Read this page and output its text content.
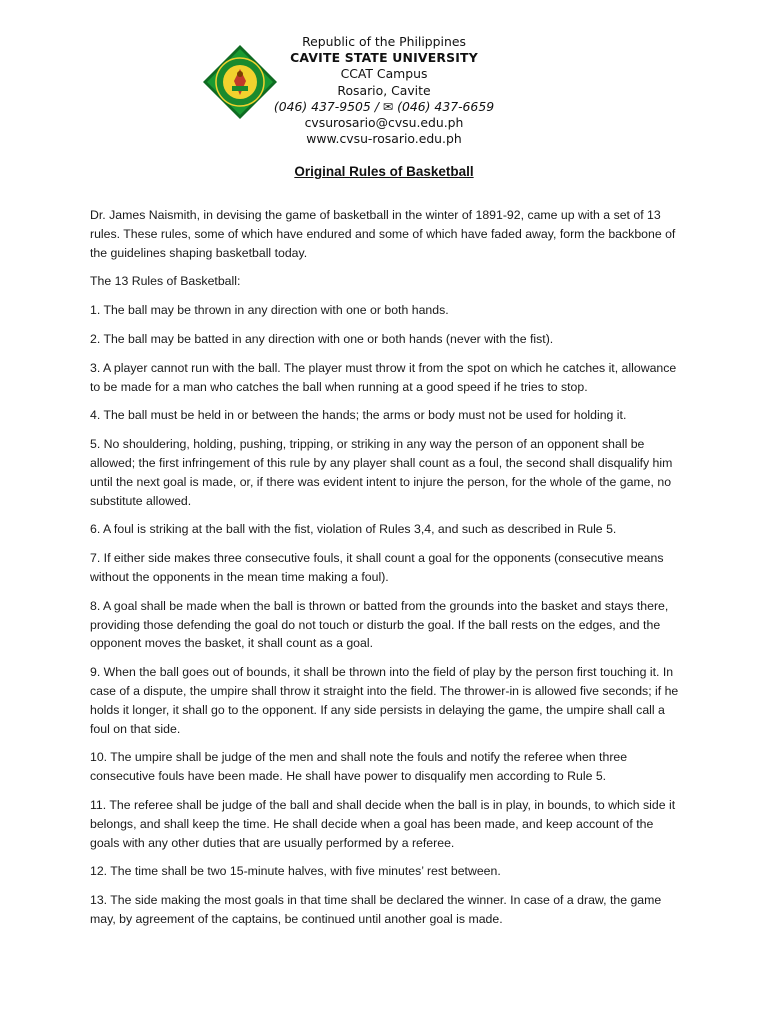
Republic of the Philippines
CAVITE STATE UNIVERSITY
CCAT Campus
Rosario, Cavite
(046) 437-9505 / ✉ (046) 437-6659
cvsurosario@cvsu.edu.ph
www.cvsu-rosario.edu.ph
Original Rules of Basketball

Dr. James Naismith, in devising the game of basketball in the winter of 1891-92, came up with a set of 13 rules. These rules, some of which have endured and some of which have faded away, form the backbone of the guidelines shaping basketball today.

The 13 Rules of Basketball:

1. The ball may be thrown in any direction with one or both hands.

2. The ball may be batted in any direction with one or both hands (never with the fist).

3. A player cannot run with the ball. The player must throw it from the spot on which he catches it, allowance to be made for a man who catches the ball when running at a good speed if he tries to stop.

4. The ball must be held in or between the hands; the arms or body must not be used for holding it.

5. No shouldering, holding, pushing, tripping, or striking in any way the person of an opponent shall be allowed; the first infringement of this rule by any player shall count as a foul, the second shall disqualify him until the next goal is made, or, if there was evident intent to injure the person, for the whole of the game, no substitute allowed.

6. A foul is striking at the ball with the fist, violation of Rules 3,4, and such as described in Rule 5.

7. If either side makes three consecutive fouls, it shall count a goal for the opponents (consecutive means without the opponents in the mean time making a foul).

8. A goal shall be made when the ball is thrown or batted from the grounds into the basket and stays there, providing those defending the goal do not touch or disturb the goal. If the ball rests on the edges, and the opponent moves the basket, it shall count as a goal.

9. When the ball goes out of bounds, it shall be thrown into the field of play by the person first touching it. In case of a dispute, the umpire shall throw it straight into the field. The thrower-in is allowed five seconds; if he holds it longer, it shall go to the opponent. If any side persists in delaying the game, the umpire shall call a foul on that side.

10. The umpire shall be judge of the men and shall note the fouls and notify the referee when three consecutive fouls have been made. He shall have power to disqualify men according to Rule 5.

11. The referee shall be judge of the ball and shall decide when the ball is in play, in bounds, to which side it belongs, and shall keep the time. He shall decide when a goal has been made, and keep account of the goals with any other duties that are usually performed by a referee.

12. The time shall be two 15-minute halves, with five minutes’ rest between.

13. The side making the most goals in that time shall be declared the winner. In case of a draw, the game may, by agreement of the captains, be continued until another goal is made.
